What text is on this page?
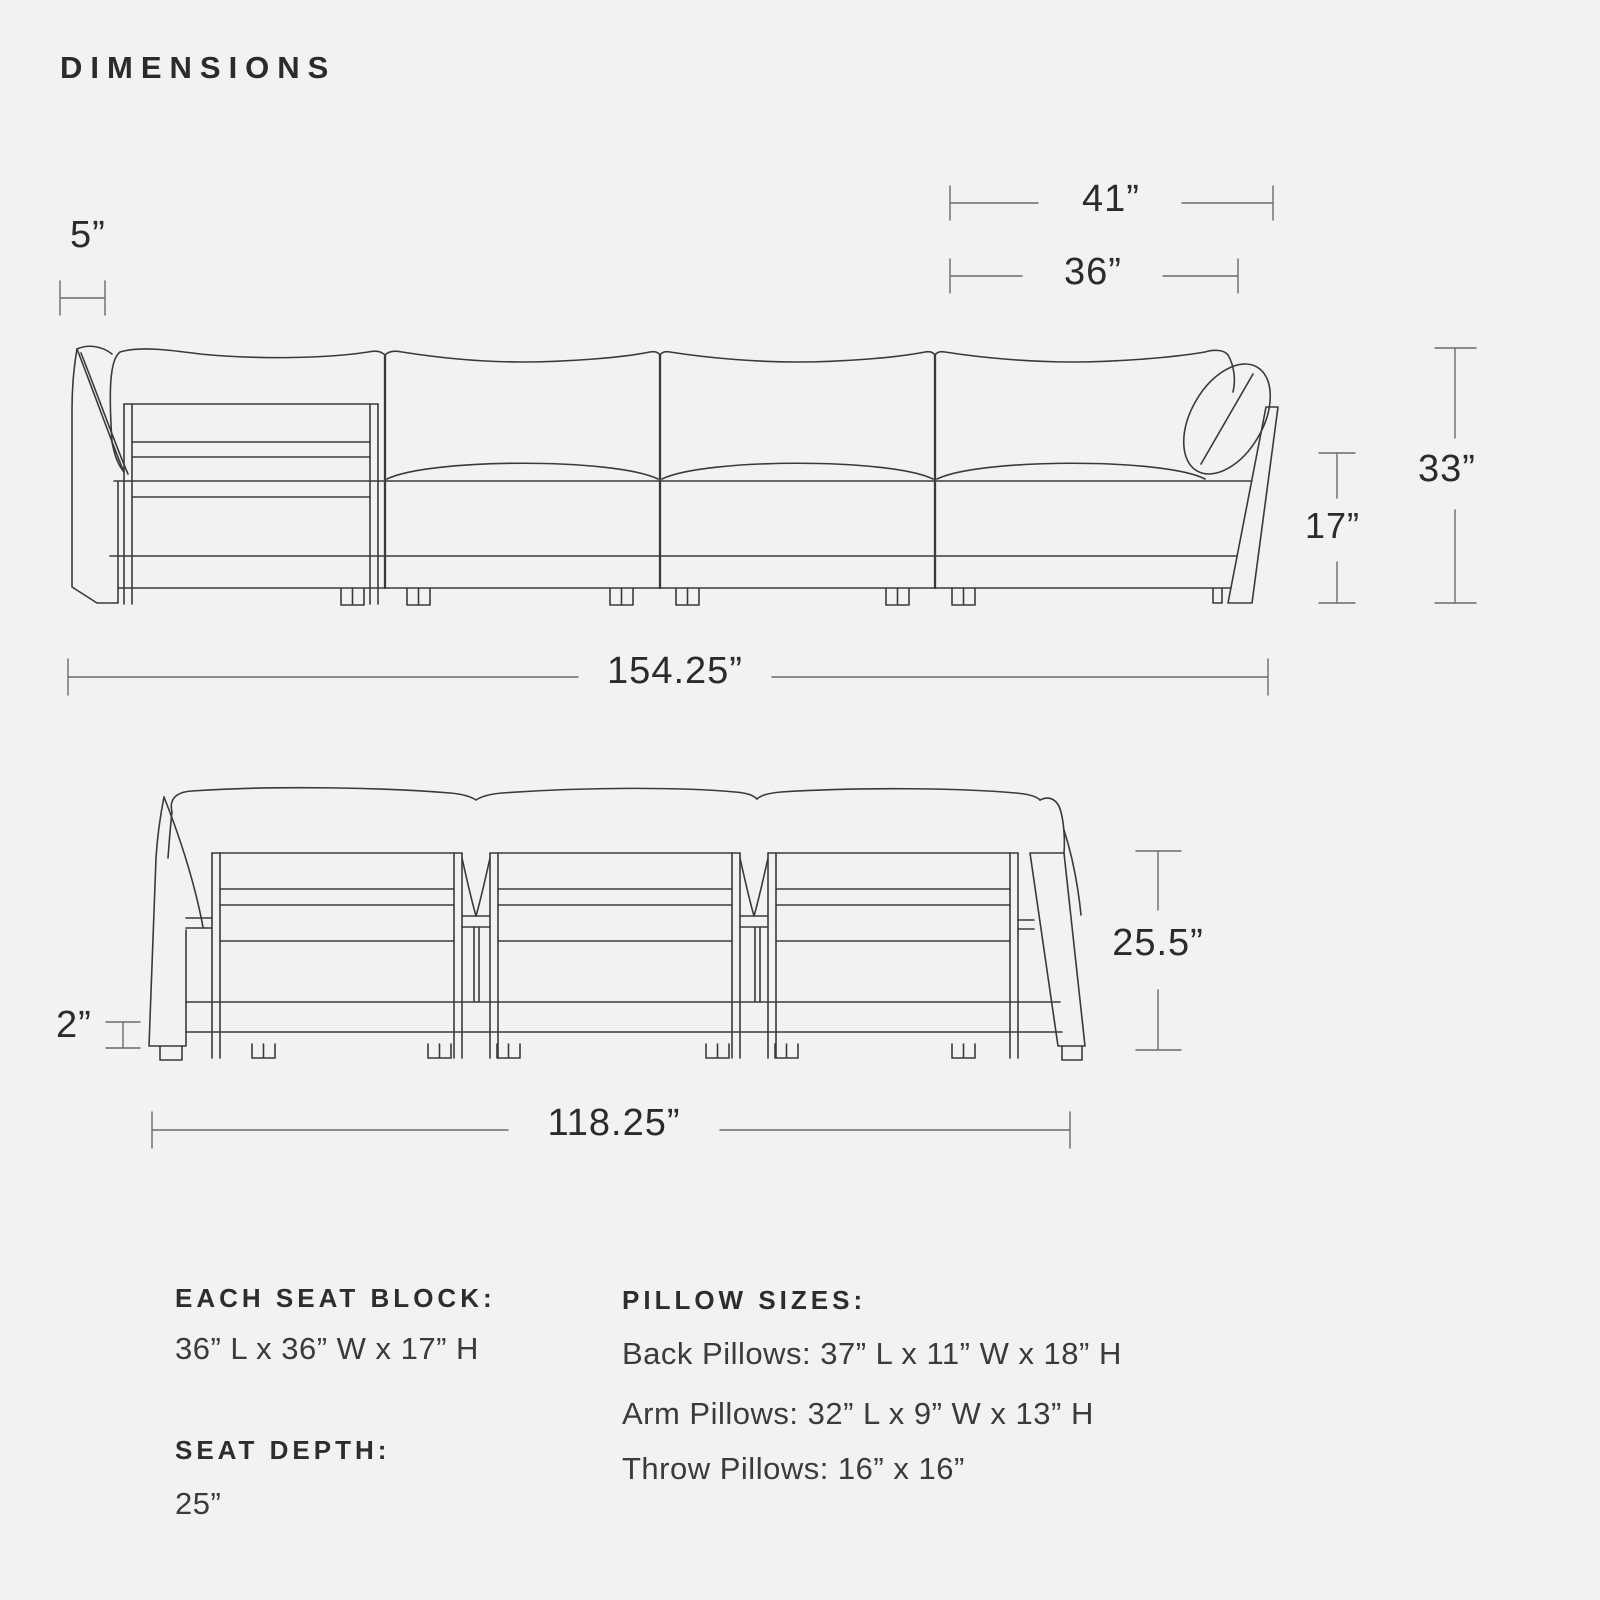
DIMENSIONS
5”
41”
36”
33”
17”
154.25”
2”
25.5”
118.25”
EACH SEAT BLOCK:
36” L x 36” W x 17” H
SEAT DEPTH:
25”
PILLOW SIZES:
Back Pillows: 37” L x 11” W x 18” H
Arm Pillows: 32” L x 9” W x 13” H
Throw Pillows: 16” x 16”
